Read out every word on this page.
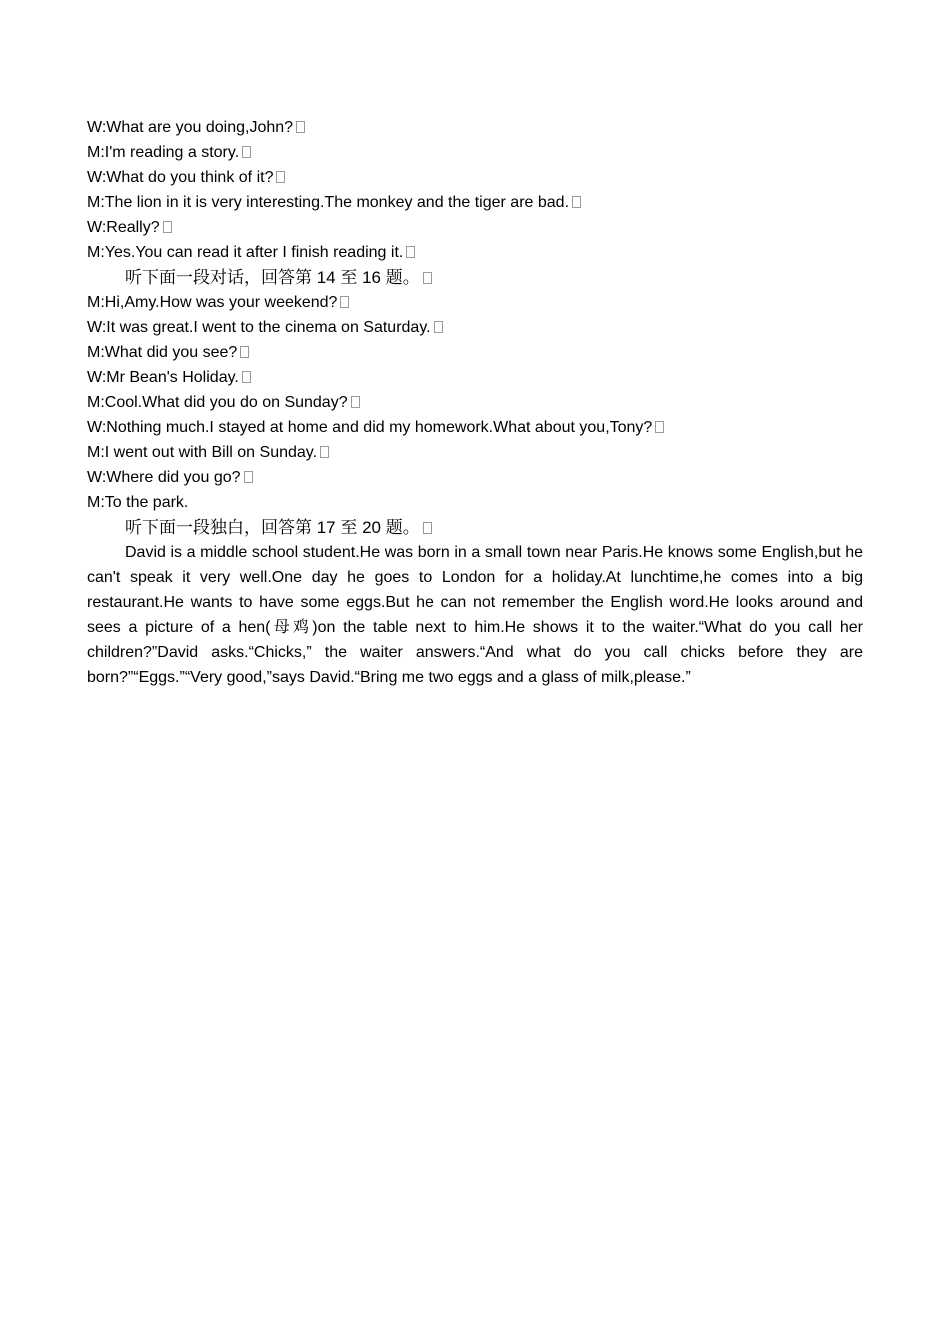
W:What are you doing,John?
M:I'm reading a story.
W:What do you think of it?
M:The lion in it is very interesting.The monkey and the tiger are bad.
W:Really?
M:Yes.You can read it after I finish reading it.
听下面一段对话，回答第 14 至 16 题。
M:Hi,Amy.How was your weekend?
W:It was great.I went to the cinema on Saturday.
M:What did you see?
W:Mr Bean's Holiday.
M:Cool.What did you do on Sunday?
W:Nothing much.I stayed at home and did my homework.What about you,Tony?
M:I went out with Bill on Sunday.
W:Where did you go?
M:To the park.
听下面一段独白，回答第 17 至 20 题。

David is a middle school student.He was born in a small town near Paris.He knows some English,but he can't speak it very well.One day he goes to London for a holiday.At lunchtime,he comes into a big restaurant.He wants to have some eggs.But he can not remember the English word.He looks around and sees a picture of a hen(母鸡)on the table next to him.He shows it to the waiter.“What do you call her children?”David asks.“Chicks,” the waiter answers.“And what do you call chicks before they are born?”“Eggs.”“Very good,”says David.“Bring me two eggs and a glass of milk,please.”
